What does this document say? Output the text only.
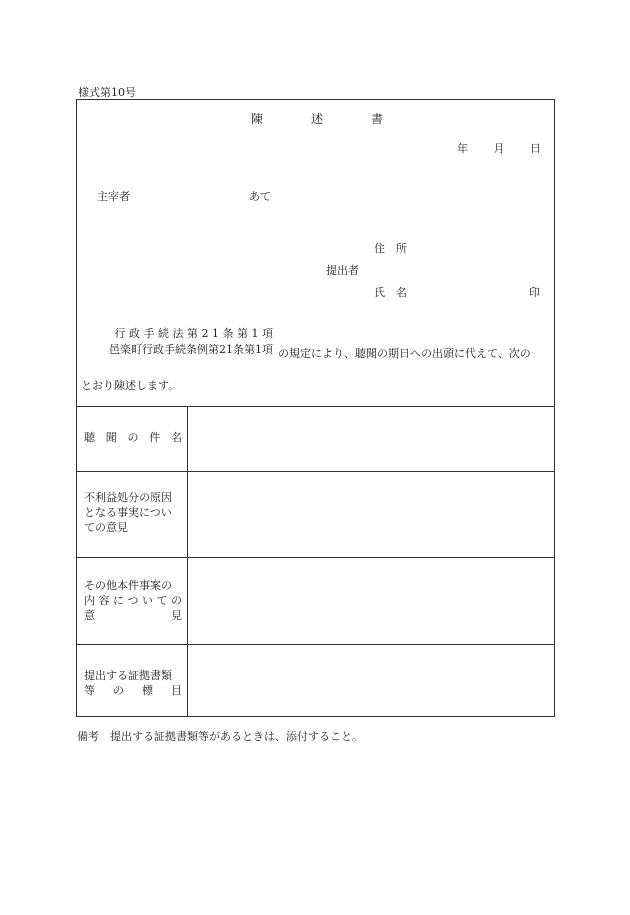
様式第10号
陳	述	書
年 月 日
主宰者	あて
住　所
提出者
氏　名	印
行 政 手 続 法 第 2 1 条 第 1 項
邑楽町行政手続条例第21条第1項 の規定により、聴聞の期日への出頭に代えて、次の
とおり陳述します。
聴 聞 の 件 名
不利益処分の原因
となる事実につい
ての意見
その他本件事案の
内 容 に つ い て の
意	見
提出する証拠書類
等 の 標 目
備考　提出する証拠書類等があるときは、添付すること。
